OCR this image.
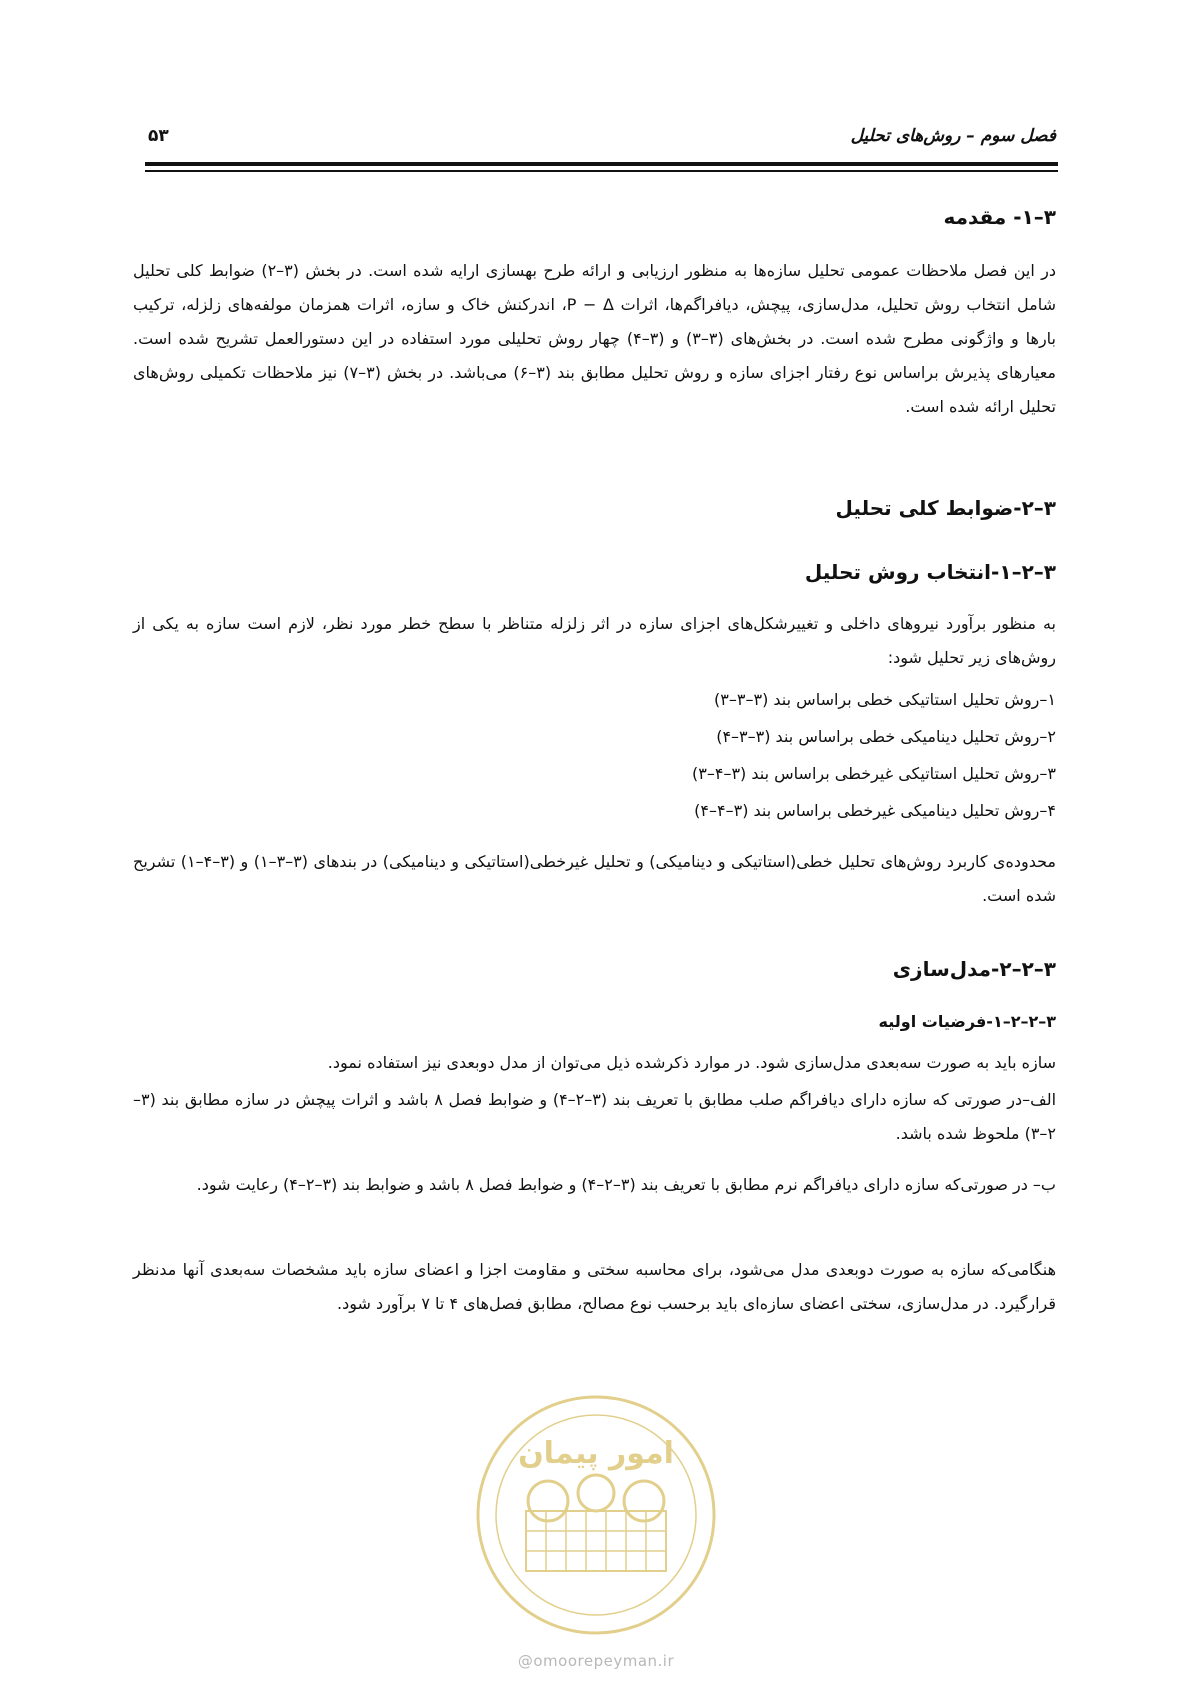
فصل سوم – روش‌های تحلیل
۵۳
۳–۱- مقدمه
در این فصل ملاحظات عمومی تحلیل سازه‌ها به منظور ارزیابی و ارائه طرح بهسازی ارایه شده است. در بخش (۳–۲) ضوابط کلی تحلیل شامل انتخاب روش تحلیل، مدل‌سازی، پیچش، دیافراگم‌ها، اثرات P − Δ، اندرکنش خاک و سازه، اثرات همزمان مولفه‌های زلزله، ترکیب بارها و واژگونی مطرح شده است. در بخش‌های (۳–۳) و (۳–۴) چهار روش تحلیلی مورد استفاده در این دستورالعمل تشریح شده است. معیارهای پذیرش براساس نوع رفتار اجزای سازه و روش تحلیل مطابق بند (۳–۶) می‌باشد. در بخش (۳–۷) نیز ملاحظات تکمیلی روش‌های تحلیل ارائه شده است.
۳–۲-ضوابط کلی تحلیل
۳–۲–۱-انتخاب روش تحلیل
به منظور برآورد نیروهای داخلی و تغییرشکل‌های اجزای سازه در اثر زلزله متناظر با سطح خطر مورد نظر، لازم است سازه به یکی از روش‌های زیر تحلیل شود:
۱–روش تحلیل استاتیکی خطی براساس بند (۳–۳–۳)
۲–روش تحلیل دینامیکی خطی براساس بند (۳–۳–۴)
۳–روش تحلیل استاتیکی غیرخطی براساس بند (۳–۴–۳)
۴–روش تحلیل دینامیکی غیرخطی براساس بند (۳–۴–۴)
محدوده‌ی کاربرد روش‌های تحلیل خطی(استاتیکی و دینامیکی) و تحلیل غیرخطی(استاتیکی و دینامیکی) در بندهای (۳–۳–۱) و (۳–۴–۱) تشریح شده است.
۳–۲–۲-مدل‌سازی
۳–۲–۲–۱-فرضیات اولیه
سازه باید به صورت سه‌بعدی مدل‌سازی شود. در موارد ذکرشده ذیل می‌توان از مدل دوبعدی نیز استفاده نمود.
الف–در صورتی که سازه دارای دیافراگم صلب مطابق با تعریف بند (۳–۲–۴) و ضوابط فصل ۸ باشد و اثرات پیچش در سازه مطابق بند (۳–۲–۳) ملحوظ شده باشد.
ب– در صورتی‌که سازه دارای دیافراگم نرم مطابق با تعریف بند (۳–۲–۴) و ضوابط فصل ۸ باشد و ضوابط بند (۳–۲–۴) رعایت شود.
هنگامی‌که سازه به صورت دوبعدی مدل می‌شود، برای محاسبه سختی و مقاومت اجزا و اعضای سازه باید مشخصات سه‌بعدی آنها مدنظر قرارگیرد. در مدل‌سازی، سختی اعضای سازه‌ای باید برحسب نوع مصالح، مطابق فصل‌های ۴ تا ۷ برآورد شود.
امور پیمان
@omoorepeyman.ir
